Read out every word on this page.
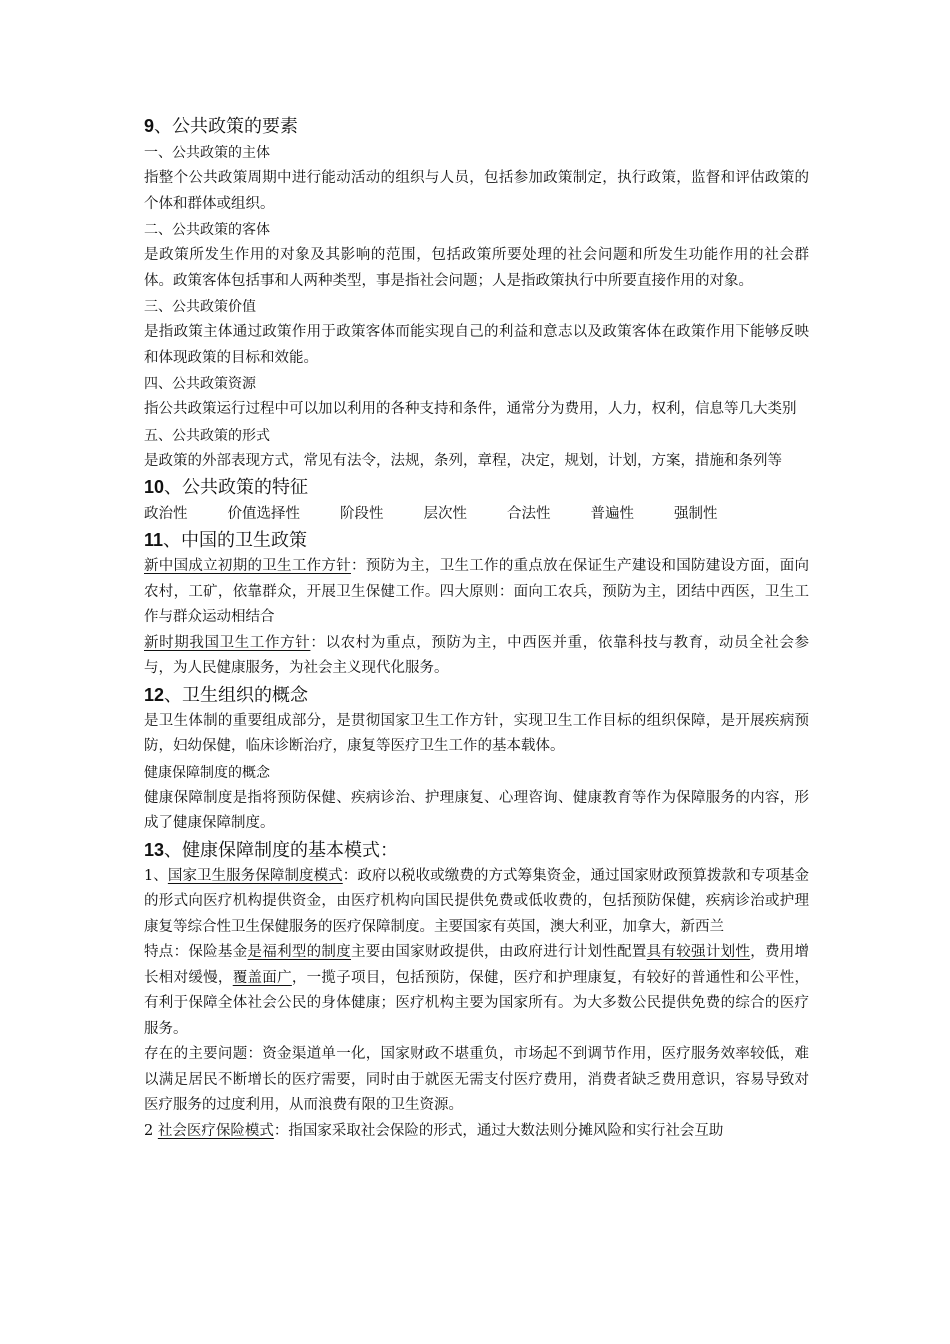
9、公共政策的要素
一、公共政策的主体

指整个公共政策周期中进行能动活动的组织与人员，包括参加政策制定，执行政策，监督和评估政策的个体和群体或组织。

二、公共政策的客体

是政策所发生作用的对象及其影响的范围，包括政策所要处理的社会问题和所发生功能作用的社会群体。政策客体包括事和人两种类型，事是指社会问题；人是指政策执行中所要直接作用的对象。

三、公共政策价值

是指政策主体通过政策作用于政策客体而能实现自己的利益和意志以及政策客体在政策作用下能够反映和体现政策的目标和效能。

四、公共政策资源

指公共政策运行过程中可以加以利用的各种支持和条件，通常分为费用，人力，权利，信息等几大类别

五、公共政策的形式

是政策的外部表现方式，常见有法令，法规，条列，章程，决定，规划，计划，方案，措施和条列等

10、公共政策的特征
政治性	价值选择性	阶段性	层次性	合法性	普遍性	强制性
11、中国的卫生政策

新中国成立初期的卫生工作方针：预防为主，卫生工作的重点放在保证生产建设和国防建设方面，面向农村，工矿，依靠群众，开展卫生保健工作。四大原则：面向工农兵，预防为主，团结中西医，卫生工作与群众运动相结合

新时期我国卫生工作方针：以农村为重点，预防为主，中西医并重，依靠科技与教育，动员全社会参与，为人民健康服务，为社会主义现代化服务。

12、卫生组织的概念

是卫生体制的重要组成部分，是贯彻国家卫生工作方针，实现卫生工作目标的组织保障，是开展疾病预防，妇幼保健，临床诊断治疗，康复等医疗卫生工作的基本载体。

健康保障制度的概念

健康保障制度是指将预防保健、疾病诊治、护理康复、心理咨询、健康教育等作为保障服务的内容，形成了健康保障制度。

13、健康保障制度的基本模式：

1、国家卫生服务保障制度模式：政府以税收或缴费的方式筹集资金，通过国家财政预算拨款和专项基金的形式向医疗机构提供资金，由医疗机构向国民提供免费或低收费的，包括预防保健，疾病诊治或护理康复等综合性卫生保健服务的医疗保障制度。主要国家有英国，澳大利亚，加拿大，新西兰

特点：保险基金是福利型的制度主要由国家财政提供，由政府进行计划性配置具有较强计划性，费用增长相对缓慢，覆盖面广，一揽子项目，包括预防，保健，医疗和护理康复，有较好的普通性和公平性，有利于保障全体社会公民的身体健康；医疗机构主要为国家所有。为大多数公民提供免费的综合的医疗服务。

存在的主要问题：资金渠道单一化，国家财政不堪重负，市场起不到调节作用，医疗服务效率较低，难以满足居民不断增长的医疗需要，同时由于就医无需支付医疗费用，消费者缺乏费用意识，容易导致对医疗服务的过度利用，从而浪费有限的卫生资源。

2 社会医疗保险模式：指国家采取社会保险的形式，通过大数法则分摊风险和实行社会互助
